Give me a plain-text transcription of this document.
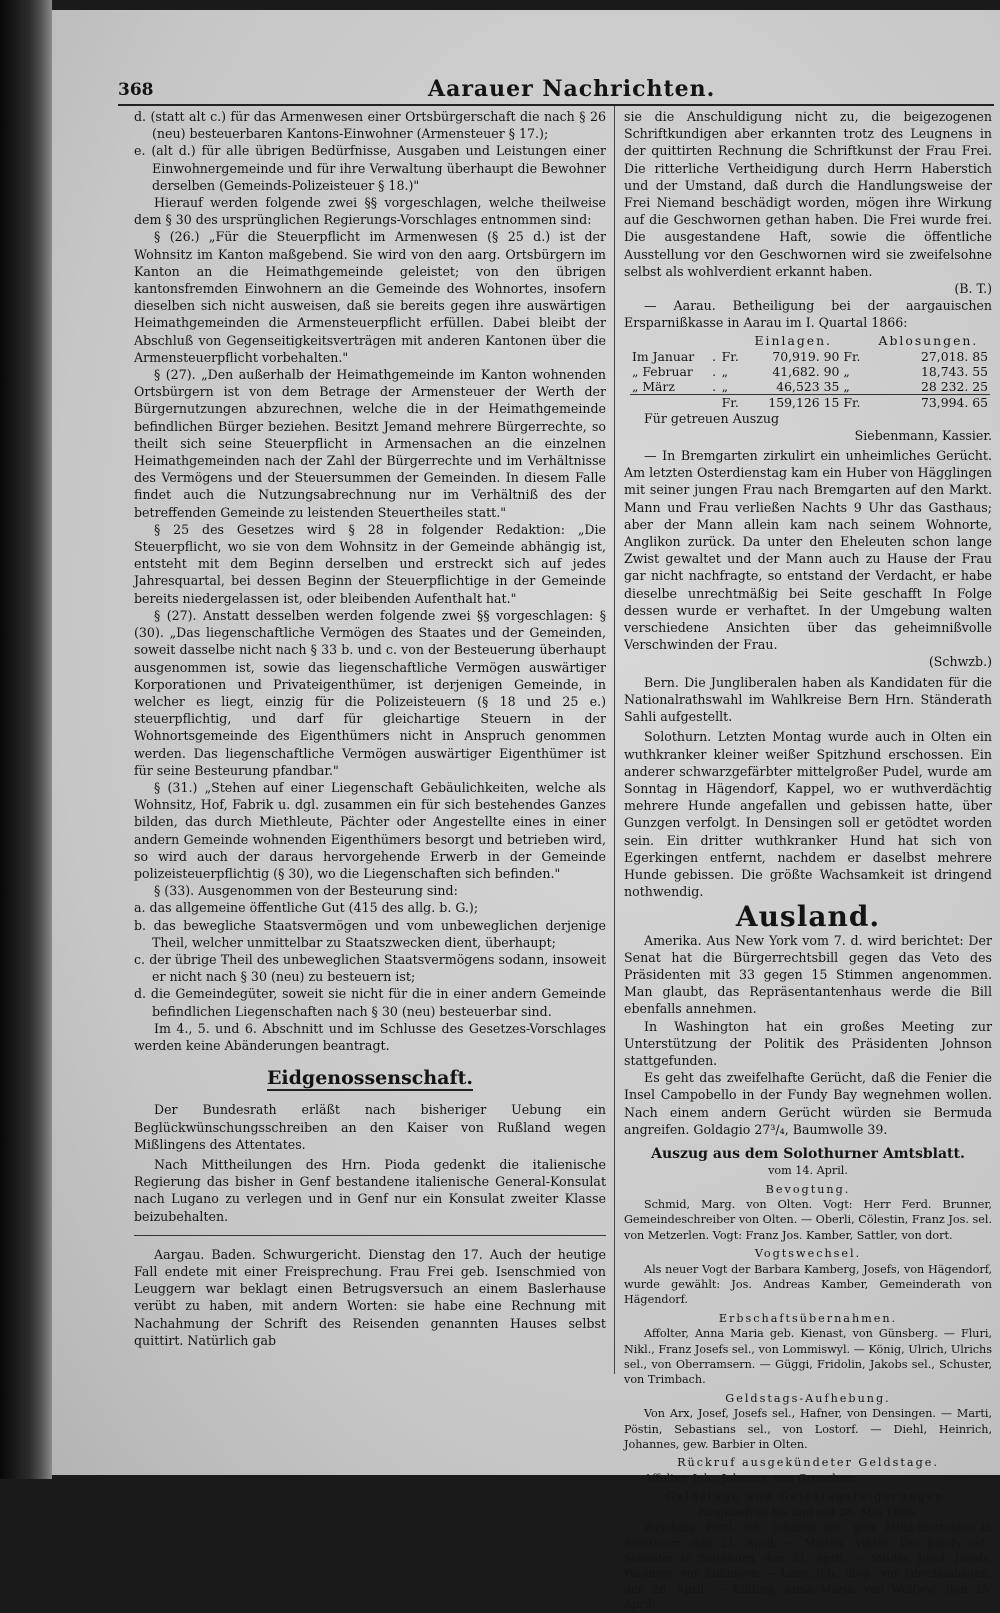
368	Aarauer Nachrichten.

d. (statt alt c.) für das Armenwesen einer Ortsbürgerschaft die nach § 26 (neu) besteuerbaren Kantons-Einwohner (Armensteuer § 17.);

e. (alt d.) für alle übrigen Bedürfnisse, Ausgaben und Leistungen einer Einwohnergemeinde und für ihre Verwaltung überhaupt die Bewohner derselben (Gemeinds-Polizeisteuer § 18.)"

Hierauf werden folgende zwei §§ vorgeschlagen, welche theilweise dem § 30 des ursprünglichen Regierungs-Vorschlages entnommen sind:

§ (26.) „Für die Steuerpflicht im Armenwesen (§ 25 d.) ist der Wohnsitz im Kanton maßgebend. Sie wird von den aarg. Ortsbürgern im Kanton an die Heimathgemeinde geleistet; von den übrigen kantonsfremden Einwohnern an die Gemeinde des Wohnortes, insofern dieselben sich nicht ausweisen, daß sie bereits gegen ihre auswärtigen Heimathgemeinden die Armensteuerpflicht erfüllen. Dabei bleibt der Abschluß von Gegenseitigkeitsverträgen mit anderen Kantonen über die Armensteuerpflicht vorbehalten."

§ (27). „Den außerhalb der Heimathgemeinde im Kanton wohnenden Ortsbürgern ist von dem Betrage der Armensteuer der Werth der Bürgernutzungen abzurechnen, welche die in der Heimathgemeinde befindlichen Bürger beziehen. Besitzt Jemand mehrere Bürgerrechte, so theilt sich seine Steuerpflicht in Armensachen an die einzelnen Heimathgemeinden nach der Zahl der Bürgerrechte und im Verhältnisse des Vermögens und der Steuersummen der Gemeinden. In diesem Falle findet auch die Nutzungsabrechnung nur im Verhältniß des der betreffenden Gemeinde zu leistenden Steuertheiles statt."

§ 25 des Gesetzes wird § 28 in folgender Redaktion: „Die Steuerpflicht, wo sie von dem Wohnsitz in der Gemeinde abhängig ist, entsteht mit dem Beginn derselben und erstreckt sich auf jedes Jahresquartal, bei dessen Beginn der Steuerpflichtige in der Gemeinde bereits niedergelassen ist, oder bleibenden Aufenthalt hat."

§ (27). Anstatt desselben werden folgende zwei §§ vorgeschlagen: § (30). „Das liegenschaftliche Vermögen des Staates und der Gemeinden, soweit dasselbe nicht nach § 33 b. und c. von der Besteuerung überhaupt ausgenommen ist, sowie das liegenschaftliche Vermögen auswärtiger Korporationen und Privateigenthümer, ist derjenigen Gemeinde, in welcher es liegt, einzig für die Polizeisteuern (§ 18 und 25 e.) steuerpflichtig, und darf für gleichartige Steuern in der Wohnortsgemeinde des Eigenthümers nicht in Anspruch genommen werden. Das liegenschaftliche Vermögen auswärtiger Eigenthümer ist für seine Besteurung pfandbar."

§ (31.) „Stehen auf einer Liegenschaft Gebäulichkeiten, welche als Wohnsitz, Hof, Fabrik u. dgl. zusammen ein für sich bestehendes Ganzes bilden, das durch Miethleute, Pächter oder Angestellte eines in einer andern Gemeinde wohnenden Eigenthümers besorgt und betrieben wird, so wird auch der daraus hervorgehende Erwerb in der Gemeinde polizeisteuerpflichtig (§ 30), wo die Liegenschaften sich befinden."

§ (33). Ausgenommen von der Besteurung sind:

a. das allgemeine öffentliche Gut (415 des allg. b. G.);

b. das bewegliche Staatsvermögen und vom unbeweglichen derjenige Theil, welcher unmittelbar zu Staatszwecken dient, überhaupt;

c. der übrige Theil des unbeweglichen Staatsvermögens sodann, insoweit er nicht nach § 30 (neu) zu besteuern ist;

d. die Gemeindegüter, soweit sie nicht für die in einer andern Gemeinde befindlichen Liegenschaften nach § 30 (neu) besteuerbar sind.

Im 4., 5. und 6. Abschnitt und im Schlusse des Gesetzes-Vorschlages werden keine Abänderungen beantragt.

Eidgenossenschaft.

Der Bundesrath erläßt nach bisheriger Uebung ein Beglückwünschungsschreiben an den Kaiser von Rußland wegen Mißlingens des Attentates.

Nach Mittheilungen des Hrn. Pioda gedenkt die italienische Regierung das bisher in Genf bestandene italienische General-Konsulat nach Lugano zu verlegen und in Genf nur ein Konsulat zweiter Klasse beizubehalten.

Aargau. Baden. Schwurgericht. Dienstag den 17. Auch der heutige Fall endete mit einer Freisprechung. Frau Frei geb. Isenschmied von Leuggern war beklagt einen Betrugsversuch an einem Baslerhause verübt zu haben, mit andern Worten: sie habe eine Rechnung mit Nachahmung der Schrift des Reisenden genannten Hauses selbst quittirt. Natürlich gab

sie die Anschuldigung nicht zu, die beigezogenen Schriftkundigen aber erkannten trotz des Leugnens in der quittirten Rechnung die Schriftkunst der Frau Frei. Die ritterliche Vertheidigung durch Herrn Haberstich und der Umstand, daß durch die Handlungsweise der Frei Niemand beschädigt worden, mögen ihre Wirkung auf die Geschwornen gethan haben. Die Frei wurde frei. Die ausgestandene Haft, sowie die öffentliche Ausstellung vor den Geschwornen wird sie zweifelsohne selbst als wohlverdient erkannt haben.

(B. T.)

— Aarau. Betheiligung bei der aargauischen Ersparnißkasse in Aarau im I. Quartal 1866:

			Einlagen.		Ablosungen.
Im Januar	.	Fr.	70,919. 90	Fr.	27,018. 85
„ Februar	.	„	41,682. 90	„	18,743. 55
„ März	.	„	46,523 35	„	28 232. 25
		Fr.	159,126 15	Fr.	73,994. 65

Für getreuen Auszug

Siebenmann, Kassier.

— In Bremgarten zirkulirt ein unheimliches Gerücht. Am letzten Osterdienstag kam ein Huber von Hägglingen mit seiner jungen Frau nach Bremgarten auf den Markt. Mann und Frau verließen Nachts 9 Uhr das Gasthaus; aber der Mann allein kam nach seinem Wohnorte, Anglikon zurück. Da unter den Eheleuten schon lange Zwist gewaltet und der Mann auch zu Hause der Frau gar nicht nachfragte, so entstand der Verdacht, er habe dieselbe unrechtmäßig bei Seite geschafft In Folge dessen wurde er verhaftet. In der Umgebung walten verschiedene Ansichten über das geheimnißvolle Verschwinden der Frau.

(Schwzb.)

Bern. Die Jungliberalen haben als Kandidaten für die Nationalrathswahl im Wahlkreise Bern Hrn. Ständerath Sahli aufgestellt.

Solothurn. Letzten Montag wurde auch in Olten ein wuthkranker kleiner weißer Spitzhund erschossen. Ein anderer schwarzgefärbter mittelgroßer Pudel, wurde am Sonntag in Hägendorf, Kappel, wo er wuthverdächtig mehrere Hunde angefallen und gebissen hatte, über Gunzgen verfolgt. In Densingen soll er getödtet worden sein. Ein dritter wuthkranker Hund hat sich von Egerkingen entfernt, nachdem er daselbst mehrere Hunde gebissen. Die größte Wachsamkeit ist dringend nothwendig.

Ausland.

Amerika. Aus New York vom 7. d. wird berichtet: Der Senat hat die Bürgerrechtsbill gegen das Veto des Präsidenten mit 33 gegen 15 Stimmen angenommen. Man glaubt, das Repräsentantenhaus werde die Bill ebenfalls annehmen.

In Washington hat ein großes Meeting zur Unterstützung der Politik des Präsidenten Johnson stattgefunden.

Es geht das zweifelhafte Gerücht, daß die Fenier die Insel Campobello in der Fundy Bay wegnehmen wollen. Nach einem andern Gerücht würden sie Bermuda angreifen. Goldagio 27³/₄, Baumwolle 39.

Auszug aus dem Solothurner Amtsblatt.

vom 14. April.

Bevogtung.

Schmid, Marg. von Olten. Vogt: Herr Ferd. Brunner, Gemeindeschreiber von Olten. — Oberli, Cölestin, Franz Jos. sel. von Metzerlen. Vogt: Franz Jos. Kamber, Sattler, von dort.

Vogtswechsel.

Als neuer Vogt der Barbara Kamberg, Josefs, von Hägendorf, wurde gewählt: Jos. Andreas Kamber, Gemeinderath von Hägendorf.

Erbschaftsübernahmen.

Affolter, Anna Maria geb. Kienast, von Günsberg. — Fluri, Nikl., Franz Josefs sel., von Lommiswyl. — König, Ulrich, Ulrichs sel., von Oberramsern. — Güggi, Fridolin, Jakobs sel., Schuster, von Trimbach.

Geldstags-Aufhebung.

Von Arx, Josef, Josefs sel., Hafner, von Densingen. — Marti, Pöstin, Sebastians sel., von Lostorf. — Diehl, Heinrich, Johannes, gew. Barbier in Olten.

Rückruf ausgekündeter Geldstage.

Affolter, Joh., Johanns, von Grenchen.

Geldstage und Geldstagsteigerungen.

Eingabefrist bis und mit 28. Mai 1866.

Basching, Ferd. sel., Johanns sel., gew. Miliz-Instruktor in Solothurn, den 21. April. — Misteli, Viktor, Urs Josefs sel., Schuster in Solothurn, den 21. April. — Studer, Josef, Josefs, Wagners, von Subingen. — Leist, Joh., illeg., von Oberbuchsiten, den 28. April. — Kißling, Anna Maria, von Wolfwyl, den 25. April.
